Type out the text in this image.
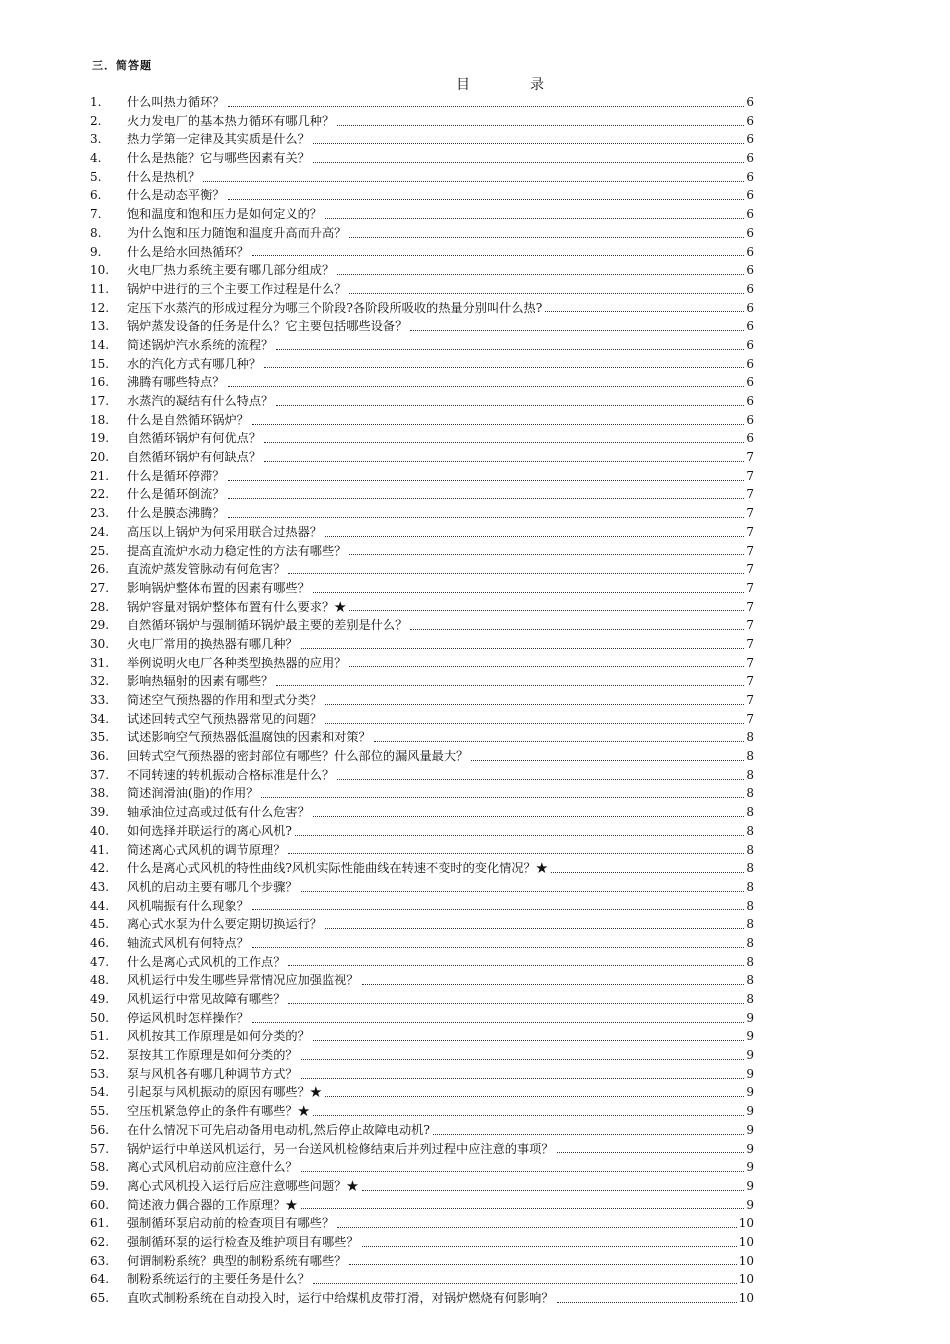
三．简答题
目	录
1.	什么叫热力循环？	6
2.	火力发电厂的基本热力循环有哪几种？	6
3.	热力学第一定律及其实质是什么？	6
4.	什么是热能？它与哪些因素有关？	6
5.	什么是热机？	6
6.	什么是动态平衡？	6
7.	饱和温度和饱和压力是如何定义的？	6
8.	为什么饱和压力随饱和温度升高而升高？	6
9.	什么是给水回热循环？	6
10.	火电厂热力系统主要有哪几部分组成？	6
11.	锅炉中进行的三个主要工作过程是什么？	6
12.	定压下水蒸汽的形成过程分为哪三个阶段?各阶段所吸收的热量分别叫什么热?	6
13.	锅炉蒸发设备的任务是什么？它主要包括哪些设备？	6
14.	简述锅炉汽水系统的流程？	6
15.	水的汽化方式有哪几种？	6
16.	沸腾有哪些特点？	6
17.	水蒸汽的凝结有什么特点？	6
18.	什么是自然循环锅炉？	6
19.	自然循环锅炉有何优点？	6
20.	自然循环锅炉有何缺点？	7
21.	什么是循环停滞？	7
22.	什么是循环倒流？	7
23.	什么是膜态沸腾？	7
24.	高压以上锅炉为何采用联合过热器？	7
25.	提高直流炉水动力稳定性的方法有哪些？	7
26.	直流炉蒸发管脉动有何危害？	7
27.	影响锅炉整体布置的因素有哪些？	7
28.	锅炉容量对锅炉整体布置有什么要求？★	7
29.	自然循环锅炉与强制循环锅炉最主要的差别是什么？	7
30.	火电厂常用的换热器有哪几种？	7
31.	举例说明火电厂各种类型换热器的应用？	7
32.	影响热辐射的因素有哪些？	7
33.	简述空气预热器的作用和型式分类？	7
34.	试述回转式空气预热器常见的问题？	7
35.	试述影响空气预热器低温腐蚀的因素和对策？	8
36.	回转式空气预热器的密封部位有哪些？什么部位的漏风量最大？	8
37.	不同转速的转机振动合格标准是什么？	8
38.	简述润滑油(脂)的作用？	8
39.	轴承油位过高或过低有什么危害？	8
40.	如何选择并联运行的离心风机?	8
41.	简述离心式风机的调节原理？	8
42.	什么是离心式风机的特性曲线?风机实际性能曲线在转速不变时的变化情况？★	8
43.	风机的启动主要有哪几个步骤？	8
44.	风机喘振有什么现象？	8
45.	离心式水泵为什么要定期切换运行？	8
46.	轴流式风机有何特点？	8
47.	什么是离心式风机的工作点？	8
48.	风机运行中发生哪些异常情况应加强监视？	8
49.	风机运行中常见故障有哪些？	8
50.	停运风机时怎样操作？	9
51.	风机按其工作原理是如何分类的？	9
52.	泵按其工作原理是如何分类的？	9
53.	泵与风机各有哪几种调节方式？	9
54.	引起泵与风机振动的原因有哪些？★	9
55.	空压机紧急停止的条件有哪些？★	9
56.	在什么情况下可先启动备用电动机,然后停止故障电动机?	9
57.	锅炉运行中单送风机运行，另一台送风机检修结束后并列过程中应注意的事项？	9
58.	离心式风机启动前应注意什么？	9
59.	离心式风机投入运行后应注意哪些问题？★	9
60.	简述液力偶合器的工作原理？★	9
61.	强制循环泵启动前的检查项目有哪些？	10
62.	强制循环泵的运行检查及维护项目有哪些？	10
63.	何谓制粉系统？典型的制粉系统有哪些？	10
64.	制粉系统运行的主要任务是什么？	10
65.	直吹式制粉系统在自动投入时，运行中给煤机皮带打滑，对锅炉燃烧有何影响？	10
